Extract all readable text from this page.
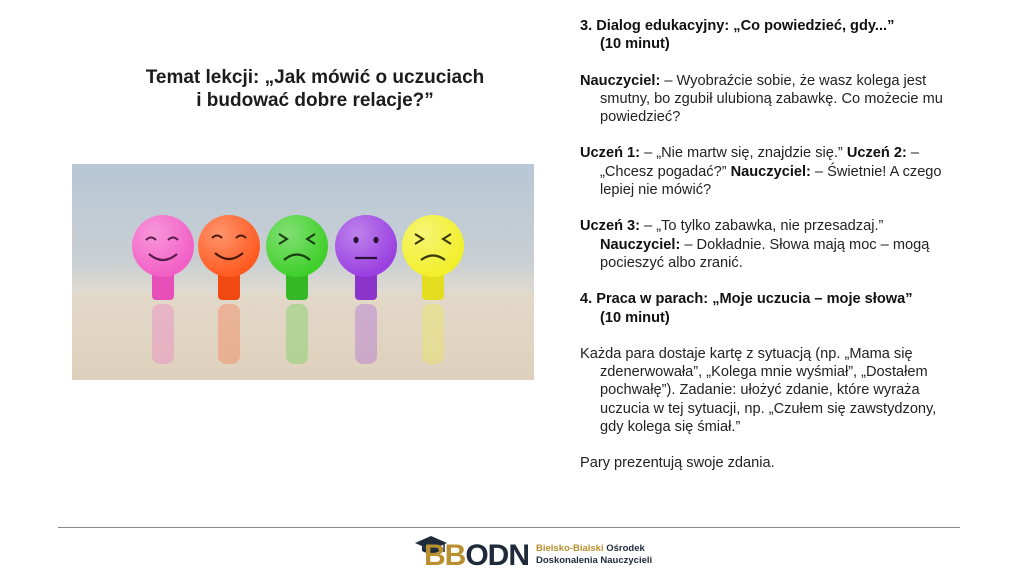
Temat lekcji: „Jak mówić o uczuciach
i budować dobre relacje?”

3. Dialog edukacyjny: „Co powiedzieć, gdy...”
(10 minut)

Nauczyciel: – Wyobraźcie sobie, że wasz kolega jest smutny, bo zgubił ulubioną zabawkę. Co możecie mu powiedzieć?

Uczeń 1: – „Nie martw się, znajdzie się.” Uczeń 2: – „Chcesz pogadać?” Nauczyciel: – Świetnie! A czego lepiej nie mówić?

Uczeń 3: – „To tylko zabawka, nie przesadzaj.” Nauczyciel: – Dokładnie. Słowa mają moc – mogą pocieszyć albo zranić.

4. Praca w parach: „Moje uczucia – moje słowa”
(10 minut)

Każda para dostaje kartę z sytuacją (np. „Mama się zdenerwowała”, „Kolega mnie wyśmiał”, „Dostałem pochwałę”). Zadanie: ułożyć zdanie, które wyraża uczucia w tej sytuacji, np. „Czułem się zawstydzony, gdy kolega się śmiał.”

Pary prezentują swoje zdania.

BBODN Bielsko-Bialski Ośrodek
Doskonalenia Nauczycieli
